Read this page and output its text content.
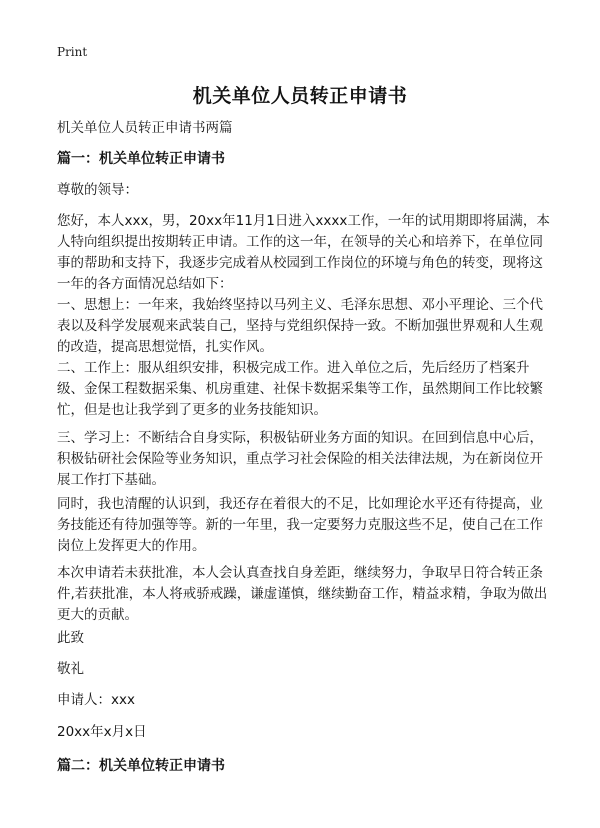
Print
机关单位人员转正申请书
机关单位人员转正申请书两篇
篇一：机关单位转正申请书
尊敬的领导：
您好，本人xxx，男，20xx年11月1日进入xxxx工作，一年的试用期即将届满，本人特向组织提出按期转正申请。工作的这一年，在领导的关心和培养下，在单位同事的帮助和支持下，我逐步完成着从校园到工作岗位的环境与角色的转变，现将这一年的各方面情况总结如下：
一、思想上：一年来，我始终坚持以马列主义、毛泽东思想、邓小平理论、三个代表以及科学发展观来武装自己，坚持与党组织保持一致。不断加强世界观和人生观的改造，提高思想觉悟，扎实作风。
二、工作上：服从组织安排，积极完成工作。进入单位之后，先后经历了档案升级、金保工程数据采集、机房重建、社保卡数据采集等工作，虽然期间工作比较繁忙，但是也让我学到了更多的业务技能知识。
三、学习上：不断结合自身实际，积极钻研业务方面的知识。在回到信息中心后，积极钻研社会保险等业务知识，重点学习社会保险的相关法律法规，为在新岗位开展工作打下基础。
同时，我也清醒的认识到，我还存在着很大的不足，比如理论水平还有待提高，业务技能还有待加强等等。新的一年里，我一定要努力克服这些不足，使自己在工作岗位上发挥更大的作用。
本次申请若未获批准，本人会认真查找自身差距，继续努力，争取早日符合转正条件,若获批准，本人将戒骄戒躁，谦虚谨慎，继续勤奋工作，精益求精，争取为做出更大的贡献。
此致
敬礼
申请人：xxx
20xx年x月x日
篇二：机关单位转正申请书
